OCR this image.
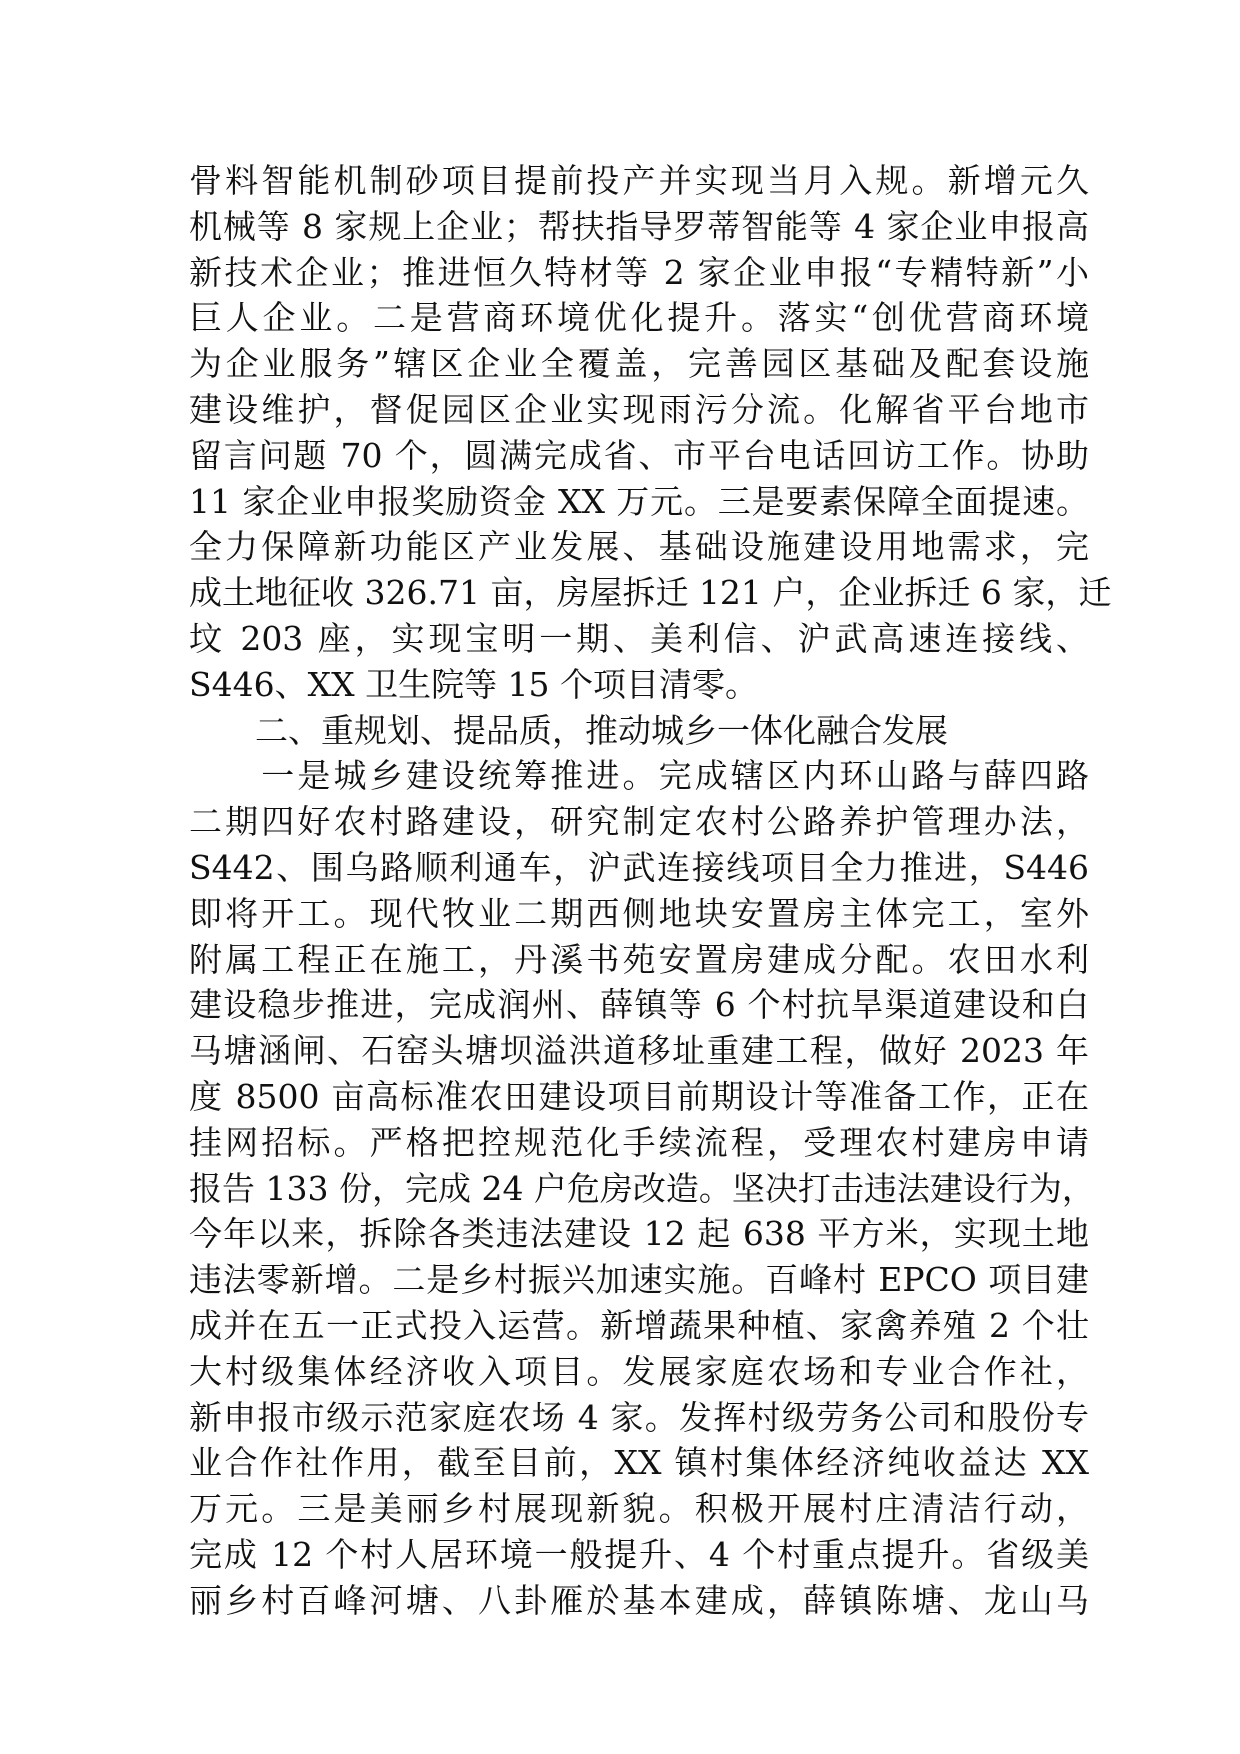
骨料智能机制砂项目提前投产并实现当月入规。新增元久
机械等 8 家规上企业；帮扶指导罗蒂智能等 4 家企业申报高
新技术企业；推进恒久特材等 2 家企业申报“专精特新”小
巨人企业。二是营商环境优化提升。落实“创优营商环境
为企业服务”辖区企业全覆盖，完善园区基础及配套设施
建设维护，督促园区企业实现雨污分流。化解省平台地市
留言问题 70 个，圆满完成省、市平台电话回访工作。协助
11 家企业申报奖励资金 XX 万元。三是要素保障全面提速。
全力保障新功能区产业发展、基础设施建设用地需求，完
成土地征收 326.71 亩，房屋拆迁 121 户，企业拆迁 6 家，迁
坟 203 座，实现宝明一期、美利信、沪武高速连接线、
S446、XX 卫生院等 15 个项目清零。
　　二、重规划、提品质，推动城乡一体化融合发展
　　一是城乡建设统筹推进。完成辖区内环山路与薛四路
二期四好农村路建设，研究制定农村公路养护管理办法，
S442、围乌路顺利通车，沪武连接线项目全力推进，S446
即将开工。现代牧业二期西侧地块安置房主体完工，室外
附属工程正在施工，丹溪书苑安置房建成分配。农田水利
建设稳步推进，完成润州、薛镇等 6 个村抗旱渠道建设和白
马塘涵闸、石窑头塘坝溢洪道移址重建工程，做好 2023 年
度 8500 亩高标准农田建设项目前期设计等准备工作，正在
挂网招标。严格把控规范化手续流程，受理农村建房申请
报告 133 份，完成 24 户危房改造。坚决打击违法建设行为，
今年以来，拆除各类违法建设 12 起 638 平方米，实现土地
违法零新增。二是乡村振兴加速实施。百峰村 EPCO 项目建
成并在五一正式投入运营。新增蔬果种植、家禽养殖 2 个壮
大村级集体经济收入项目。发展家庭农场和专业合作社，
新申报市级示范家庭农场 4 家。发挥村级劳务公司和股份专
业合作社作用，截至目前，XX 镇村集体经济纯收益达 XX
万元。三是美丽乡村展现新貌。积极开展村庄清洁行动，
完成 12 个村人居环境一般提升、4 个村重点提升。省级美
丽乡村百峰河塘、八卦雁於基本建成，薛镇陈塘、龙山马
